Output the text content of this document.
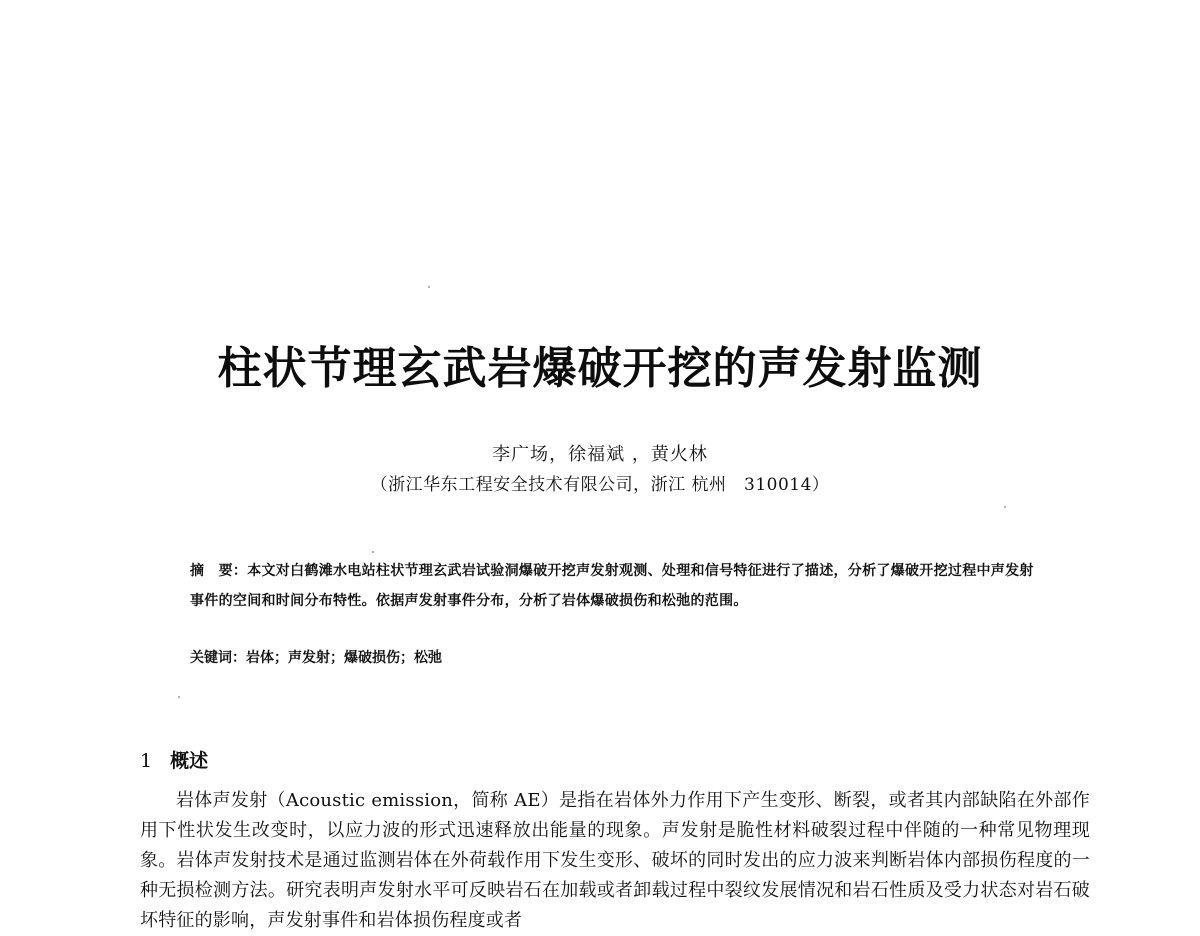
柱状节理玄武岩爆破开挖的声发射监测
李广场，徐福斌 ，黄火林
（浙江华东工程安全技术有限公司，浙江 杭州　310014）
摘　要：本文对白鹤滩水电站柱状节理玄武岩试验洞爆破开挖声发射观测、处理和信号特征进行了描述，分析了爆破开挖过程中声发射事件的空间和时间分布特性。依据声发射事件分布，分析了岩体爆破损伤和松弛的范围。
关键词：岩体；声发射；爆破损伤；松弛
1 概述
岩体声发射（Acoustic emission，简称 AE）是指在岩体外力作用下产生变形、断裂，或者其内部缺陷在外部作用下性状发生改变时，以应力波的形式迅速释放出能量的现象。声发射是脆性材料破裂过程中伴随的一种常见物理现象。岩体声发射技术是通过监测岩体在外荷载作用下发生变形、破坏的同时发出的应力波来判断岩体内部损伤程度的一种无损检测方法。研究表明声发射水平可反映岩石在加载或者卸载过程中裂纹发展情况和岩石性质及受力状态对岩石破坏特征的影响，声发射事件和岩体损伤程度或者
